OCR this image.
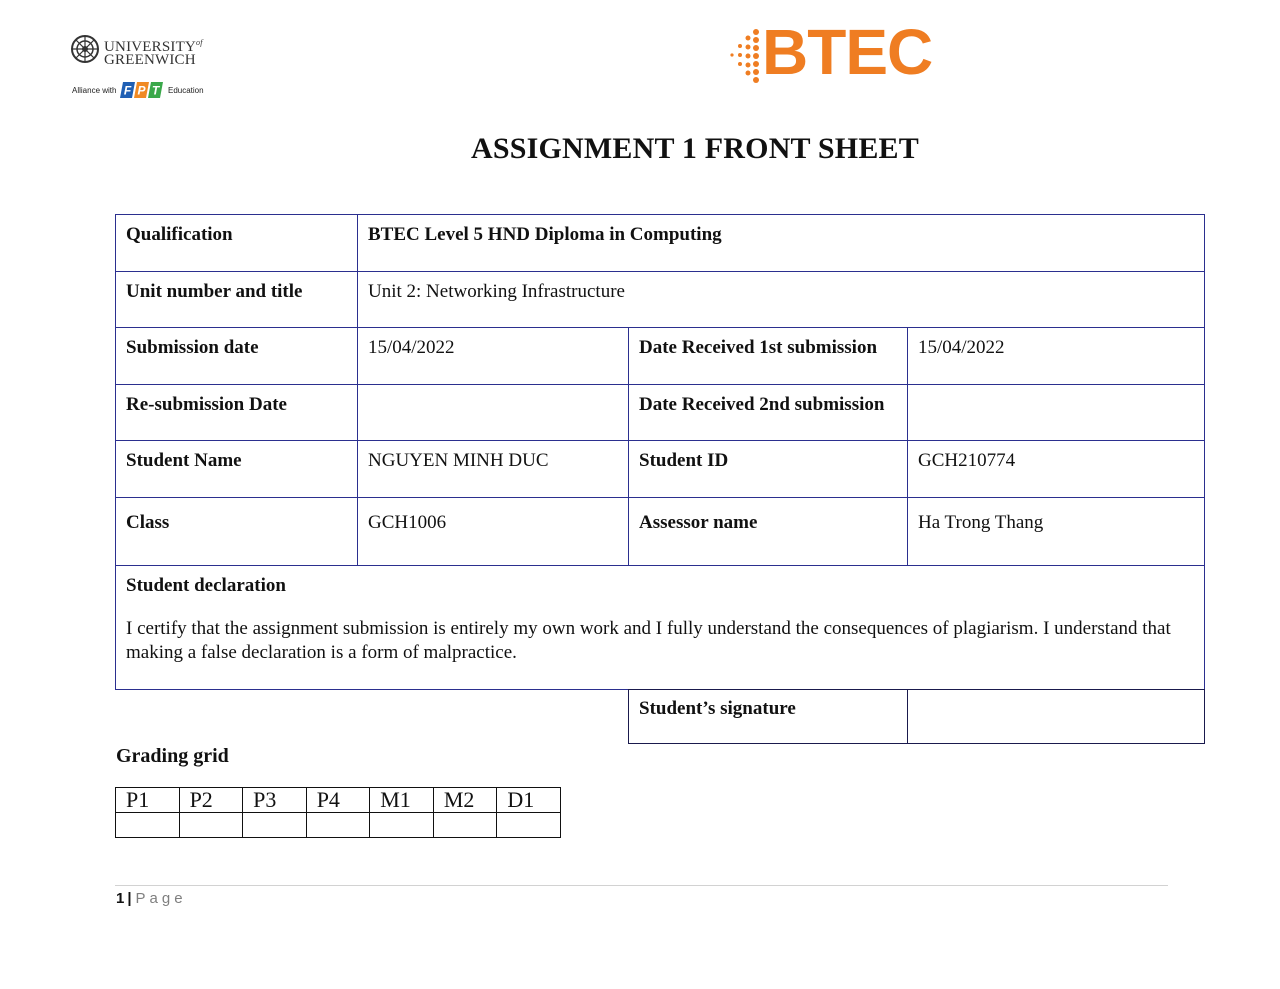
$UNIVERSITY^{of}$
GREENWICH
Alliance with F P T Education
BTEC
ASSIGNMENT 1 FRONT SHEET
Qualification	BTEC Level 5 HND Diploma in Computing		
Unit number and title	Unit 2: Networking Infrastructure		
Submission date	15/04/2022	Date Received 1st submission	15/04/2022
Re-submission Date		Date Received 2nd submission	
Student Name	NGUYEN MINH DUC	Student ID	GCH210774
Class	GCH1006	Assessor name	Ha Trong Thang

Student declaration
I certify that the assignment submission is entirely my own work and I fully understand the consequences of plagiarism. I understand that making a false declaration is a form of malpractice.			
Student’s signature	
Grading grid
P1	P2	P3	P4	M1	M2	D1

1 | Page
